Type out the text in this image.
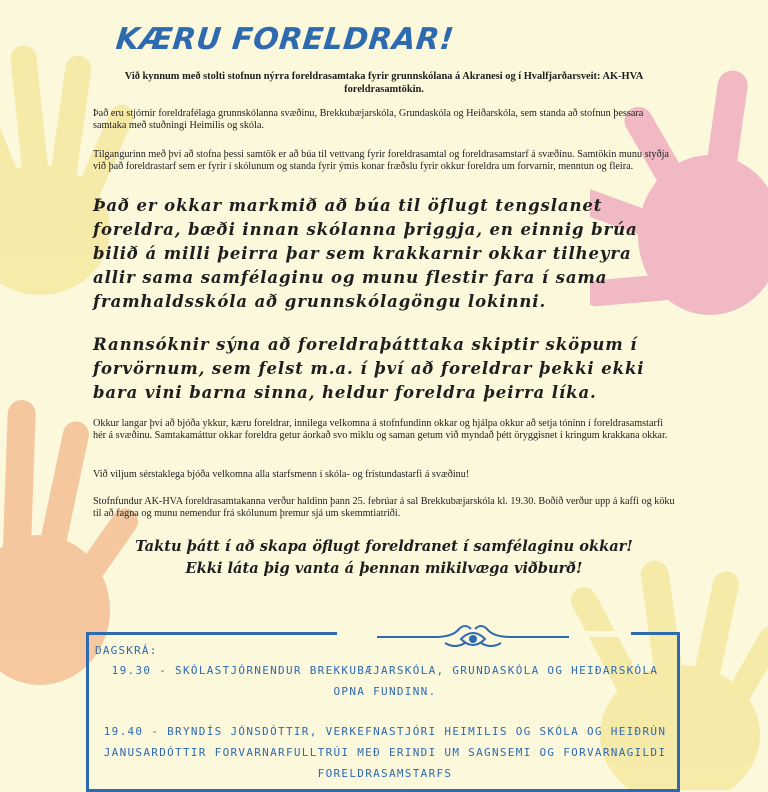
KÆRU FORELDRAR!

Við kynnum með stolti stofnun nýrra foreldrasamtaka fyrir grunnskólana á Akranesi og í Hvalfjarðarsveit: AK-HVA foreldrasamtökin.

Það eru stjórnir foreldrafélaga grunnskólanna svæðinu, Brekkubæjarskóla, Grundaskóla og Heiðarskóla, sem standa að stofnun þessara samtaka með stuðningi Heimilis og skóla.

Tilgangurinn með því að stofna þessi samtök er að búa til vettvang fyrir foreldrasamtal og foreldrasamstarf á svæðinu. Samtökin munu styðja við það foreldrastarf sem er fyrir í skólunum og standa fyrir ýmis konar fræðslu fyrir okkur foreldra um forvarnir, menntun og fleira.

Það er okkar markmið að búa til öflugt tengslanet foreldra, bæði innan skólanna þriggja, en einnig brúa bilið á milli þeirra þar sem krakkarnir okkar tilheyra allir sama samfélaginu og munu flestir fara í sama framhaldsskóla að grunnskólagöngu lokinni.

Rannsóknir sýna að foreldraþátttaka skiptir sköpum í forvörnum, sem felst m.a. í því að foreldrar þekki ekki bara vini barna sinna, heldur foreldra þeirra líka.

Okkur langar því að bjóða ykkur, kæru foreldrar, innilega velkomna á stofnfundinn okkar og hjálpa okkur að setja tóninn í foreldrasamstarfi hér á svæðinu. Samtakamáttur okkar foreldra getur áorkað svo miklu og saman getum við myndað þétt öryggisnet í kringum krakkana okkar.

Við viljum sérstaklega bjóða velkomna alla starfsmenn í skóla- og frístundastarfi á svæðinu!

Stofnfundur AK-HVA foreldrasamtakanna verður haldinn þann 25. febrúar á sal Brekkubæjarskóla kl. 19.30. Boðið verður upp á kaffi og köku til að fagna og munu nemendur frá skólunum þremur sjá um skemmtiatriði.

Taktu þátt í að skapa öflugt foreldranet í samfélaginu okkar!

Ekki láta þig vanta á þennan mikilvæga viðburð!

DAGSKRÁ:

19.30 - SKÓLASTJÓRNENDUR BREKKUBÆJARSKÓLA, GRUNDASKÓLA OG HEIÐARSKÓLA OPNA FUNDINN.

19.40 - BRYNDÍS JÓNSDÓTTIR, VERKEFNASTJÓRI HEIMILIS OG SKÓLA OG HEIÐRÚN JANUSARDÓTTIR FORVARNARFULLTRÚI MEÐ ERINDI UM SAGNSEMI OG FORVARNAGILDI FORELDRASAMSTARFS
